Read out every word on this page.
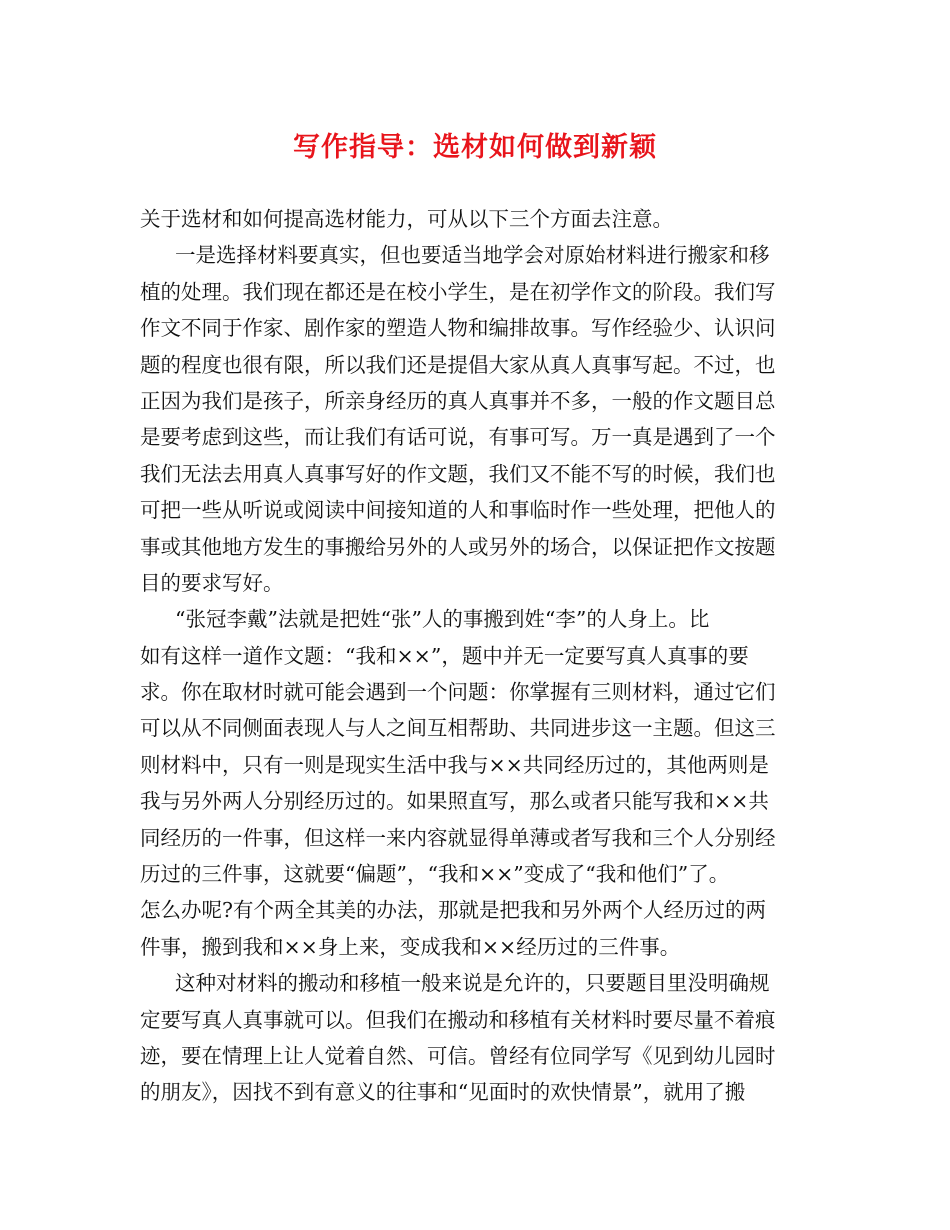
写作指导：选材如何做到新颖
关于选材和如何提高选材能力，可从以下三个方面去注意。
一是选择材料要真实，但也要适当地学会对原始材料进行搬家和移
植的处理。我们现在都还是在校小学生，是在初学作文的阶段。我们写
作文不同于作家、剧作家的塑造人物和编排故事。写作经验少、认识问
题的程度也很有限，所以我们还是提倡大家从真人真事写起。不过，也
正因为我们是孩子，所亲身经历的真人真事并不多，一般的作文题目总
是要考虑到这些，而让我们有话可说，有事可写。万一真是遇到了一个
我们无法去用真人真事写好的作文题，我们又不能不写的时候，我们也
可把一些从听说或阅读中间接知道的人和事临时作一些处理，把他人的
事或其他地方发生的事搬给另外的人或另外的场合，以保证把作文按题
目的要求写好。
“张冠李戴”法就是把姓“张”人的事搬到姓“李”的人身上。比
如有这样一道作文题：“我和××”，题中并无一定要写真人真事的要
求。你在取材时就可能会遇到一个问题：你掌握有三则材料，通过它们
可以从不同侧面表现人与人之间互相帮助、共同进步这一主题。但这三
则材料中，只有一则是现实生活中我与××共同经历过的，其他两则是
我与另外两人分别经历过的。如果照直写，那么或者只能写我和××共
同经历的一件事，但这样一来内容就显得单薄或者写我和三个人分别经
历过的三件事，这就要“偏题”，“我和××”变成了“我和他们”了。
怎么办呢?有个两全其美的办法，那就是把我和另外两个人经历过的两
件事，搬到我和××身上来，变成我和××经历过的三件事。
这种对材料的搬动和移植一般来说是允许的，只要题目里没明确规
定要写真人真事就可以。但我们在搬动和移植有关材料时要尽量不着痕
迹，要在情理上让人觉着自然、可信。曾经有位同学写《见到幼儿园时
的朋友》，因找不到有意义的往事和“见面时的欢快情景”，就用了搬
